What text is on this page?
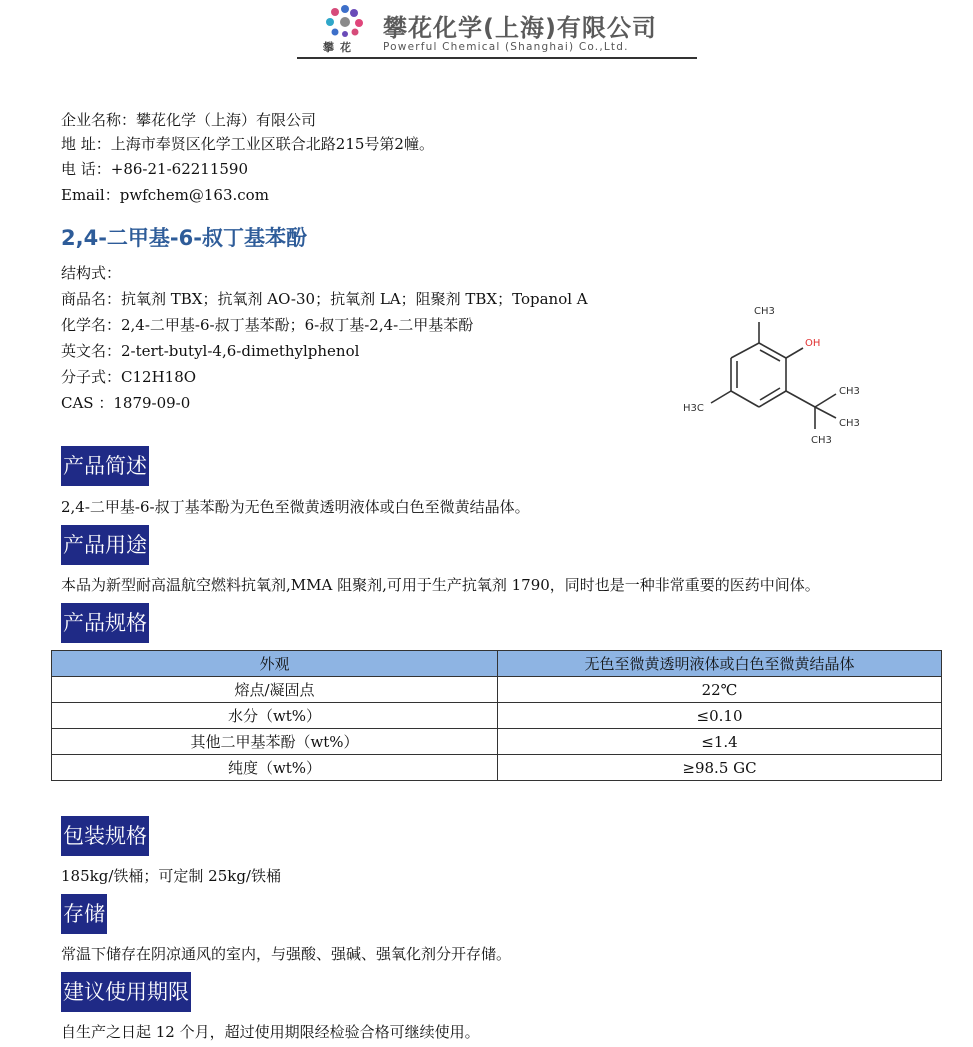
攀花
攀花化学(上海)有限公司
Powerful Chemical (Shanghai) Co.,Ltd.
企业名称：攀花化学（上海）有限公司
地 址：上海市奉贤区化学工业区联合北路215号第2幢。
电 话：+86-21-62211590
Email：pwfchem@163.com
2,4-二甲基-6-叔丁基苯酚
结构式：
商品名：抗氧剂 TBX；抗氧剂 AO-30；抗氧剂 LA；阻聚剂 TBX；Topanol A
化学名：2,4-二甲基-6-叔丁基苯酚；6-叔丁基-2,4-二甲基苯酚
英文名：2-tert-butyl-4,6-dimethylphenol
分子式：C12H18O
CAS ：1879-09-0
CH3
OH
H3C
CH3
CH3
CH3
产品简述
2,4-二甲基-6-叔丁基苯酚为无色至微黄透明液体或白色至微黄结晶体。
产品用途
本品为新型耐高温航空燃料抗氧剂,MMA 阻聚剂,可用于生产抗氧剂 1790，同时也是一种非常重要的医药中间体。
产品规格
外观	无色至微黄透明液体或白色至微黄结晶体
熔点/凝固点	22℃
水分（wt%）	≤0.10
其他二甲基苯酚（wt%）	≤1.4
纯度（wt%）	≥98.5 GC
包装规格
185kg/铁桶；可定制 25kg/铁桶
存储
常温下储存在阴凉通风的室内，与强酸、强碱、强氧化剂分开存储。
建议使用期限
自生产之日起 12 个月，超过使用期限经检验合格可继续使用。
